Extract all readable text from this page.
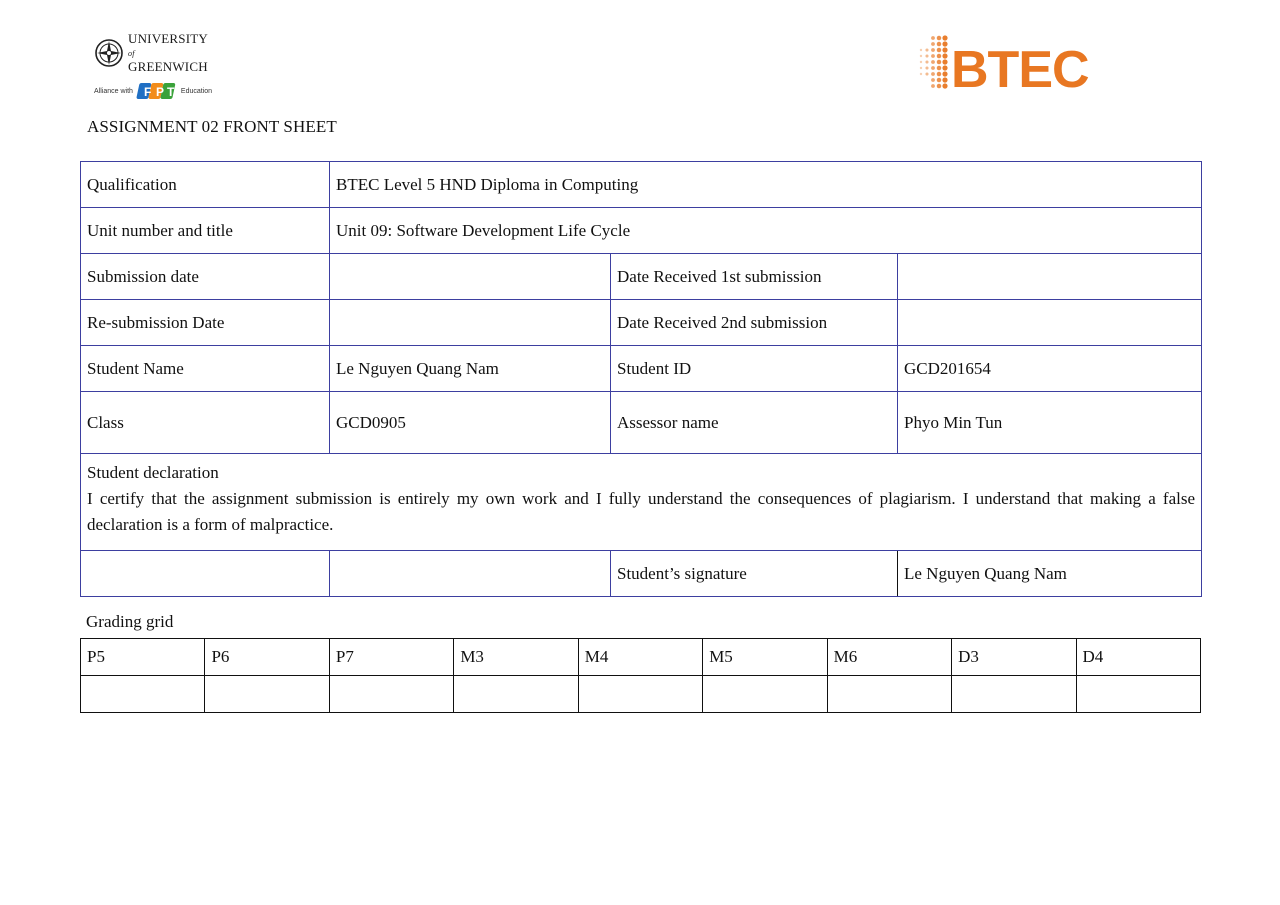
UNIVERSITY
of
GREENWICH
Alliance with F P T Education	BTEC
ASSIGNMENT 02 FRONT SHEET
Qualification	BTEC Level 5 HND Diploma in Computing		
Unit number and title	Unit 09: Software Development Life Cycle		
Submission date		Date Received 1st submission	
Re-submission Date		Date Received 2nd submission	
Student Name	Le Nguyen Quang Nam	Student ID	GCD201654
Class	GCD0905	Assessor name	Phyo Min Tun

Student declaration
I certify that the assignment submission is entirely my own work and I fully understand the consequences of plagiarism. I understand that making a false declaration is a form of malpractice.			

		Student’s signature	Le Nguyen Quang Nam
Grading grid
P5	P6	P7	M3	M4	M5	M6	D3	D4
